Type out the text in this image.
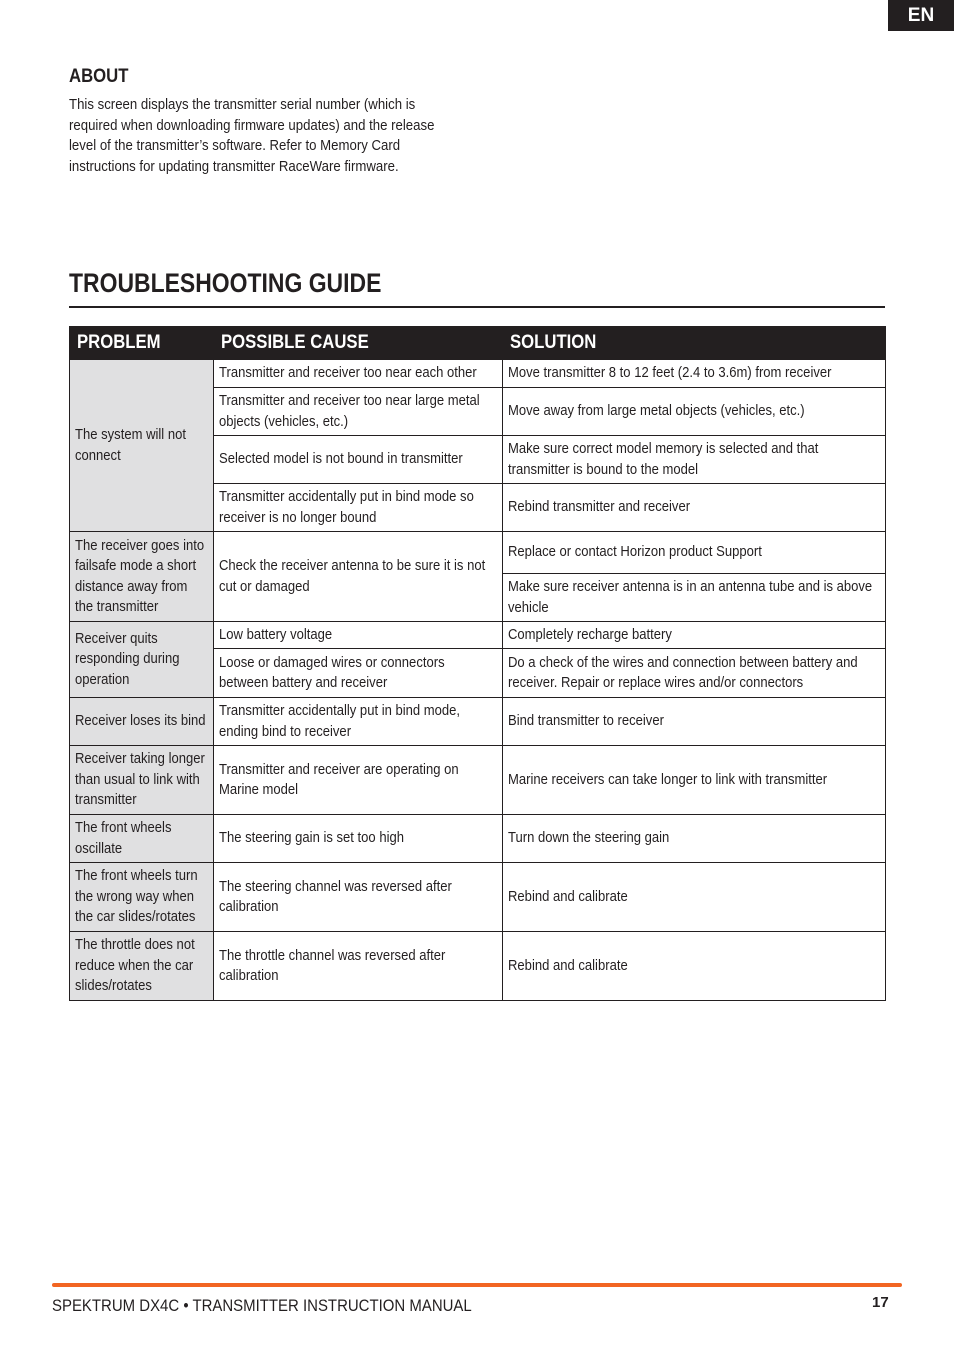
EN
ABOUT

This screen displays the transmitter serial number (which is required when downloading firmware updates) and the release level of the transmitter’s software. Refer to Memory Card instructions for updating transmitter RaceWare firmware.

TROUBLESHOOTING GUIDE
PROBLEM	POSSIBLE CAUSE	SOLUTION

The system will not connect	Transmitter and receiver too near each other	Move transmitter 8 to 12 feet (2.4 to 3.6m) from receiver

	Transmitter and receiver too near large metal objects (vehicles, etc.)	Move away from large metal objects (vehicles, etc.)

	Selected model is not bound in transmitter	Make sure correct model memory is selected and that transmitter is bound to the model

	Transmitter accidentally put in bind mode so receiver is no longer bound	Rebind transmitter and receiver

The receiver goes into failsafe mode a short distance away from the transmitter	Check the receiver antenna to be sure it is not cut or damaged	Replace or contact Horizon product Support

		Make sure receiver antenna is in an antenna tube and is above vehicle

Receiver quits responding during operation	Low battery voltage	Completely recharge battery

	Loose or damaged wires or connectors between battery and receiver	Do a check of the wires and connection between battery and receiver. Repair or replace wires and/or connectors

Receiver loses its bind	Transmitter accidentally put in bind mode, ending bind to receiver	Bind transmitter to receiver

Receiver taking longer than usual to link with transmitter	Transmitter and receiver are operating on Marine model	Marine receivers can take longer to link with transmitter

The front wheels oscillate	The steering gain is set too high	Turn down the steering gain

The front wheels turn the wrong way when the car slides/rotates	The steering channel was reversed after calibration	Rebind and calibrate

The throttle does not reduce when the car slides/rotates	The throttle channel was reversed after calibration	Rebind and calibrate
SPEKTRUM DX4C • TRANSMITTER INSTRUCTION MANUAL	17
